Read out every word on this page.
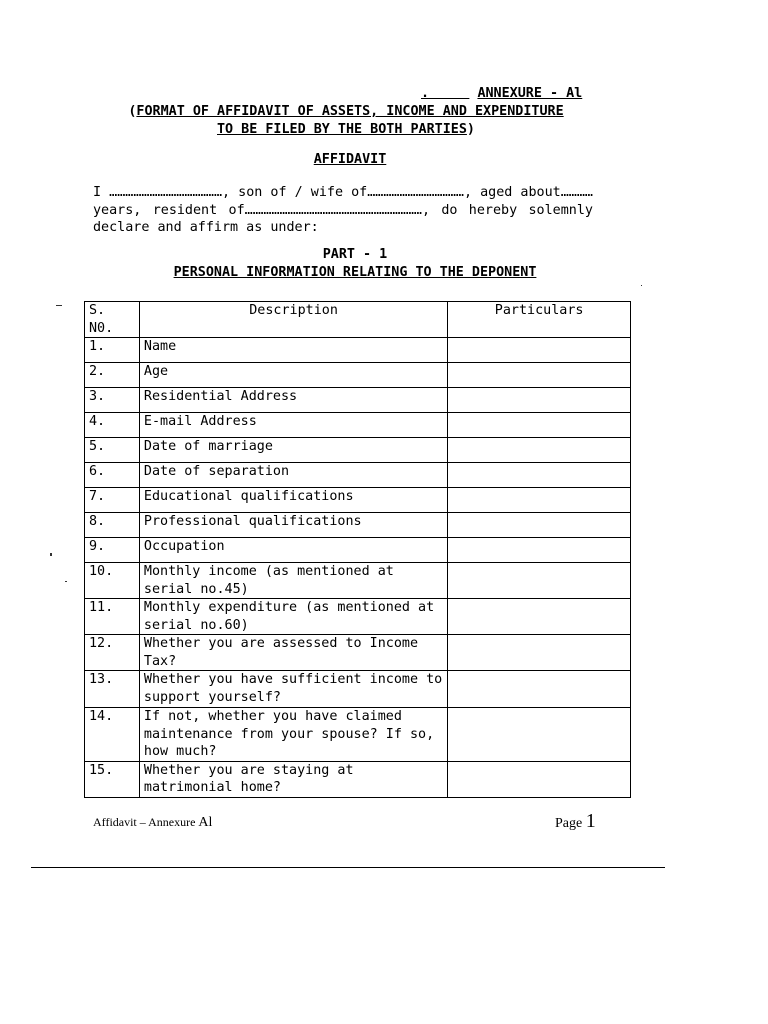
.      ANNEXURE - Al
(FORMAT OF AFFIDAVIT OF ASSETS, INCOME AND EXPENDITURE
TO BE FILED BY THE BOTH PARTIES)
AFFIDAVIT
I ……………………………………, son of / wife of………………………………, aged about…………years, resident of…………………………………………………………, do hereby solemnly declare and affirm as under:
PART - 1
PERSONAL INFORMATION RELATING TO THE DEPONENT
S. N0.	Description	Particulars
1.	Name	
2.	Age	
3.	Residential Address	
4.	E-mail Address	
5.	Date of marriage	
6.	Date of separation	
7.	Educational qualifications	
8.	Professional qualifications	
9.	Occupation	
10.	Monthly income (as mentioned at serial no.45)	
11.	Monthly expenditure (as mentioned at serial no.60)	
12.	Whether you are assessed to Income Tax?	
13.	Whether you have sufficient income to support yourself?	
14.	If not, whether you have claimed maintenance from your spouse? If so, how much?	
15.	Whether you are staying at matrimonial home?	
Affidavit – Annexure Al	Page 1
